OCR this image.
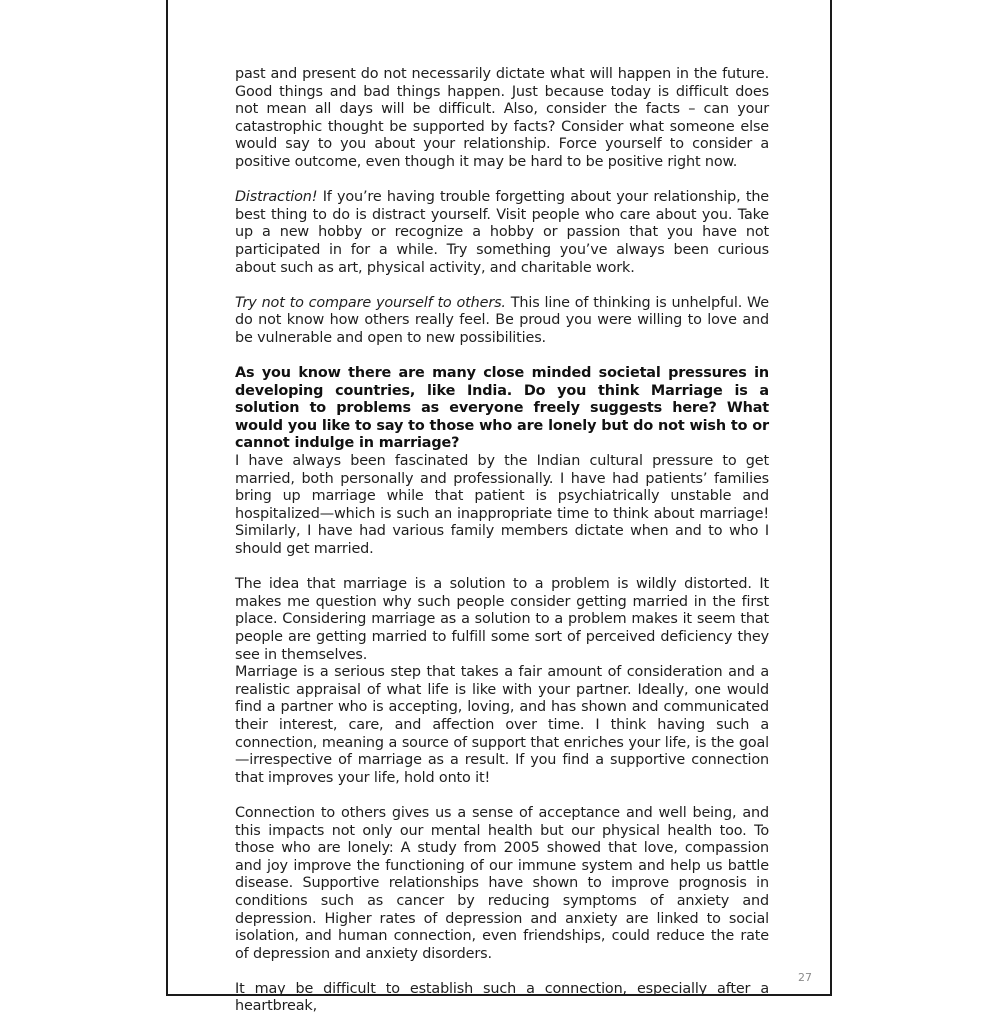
past and present do not necessarily dictate what will happen in the future. Good things and bad things happen. Just because today is difficult does not mean all days will be difficult. Also, consider the facts – can your catastrophic thought be supported by facts? Consider what someone else would say to you about your relationship. Force yourself to consider a positive outcome, even though it may be hard to be positive right now.

Distraction! If you’re having trouble forgetting about your relationship, the best thing to do is distract yourself. Visit people who care about you. Take up a new hobby or recognize a hobby or passion that you have not participated in for a while. Try something you’ve always been curious about such as art, physical activity, and charitable work.

Try not to compare yourself to others. This line of thinking is unhelpful. We do not know how others really feel. Be proud you were willing to love and be vulnerable and open to new possibilities.

As you know there are many close minded societal pressures in developing countries, like India. Do you think Marriage is a solution to problems as everyone freely suggests here? What would you like to say to those who are lonely but do not wish to or cannot indulge in marriage?

I have always been fascinated by the Indian cultural pressure to get married, both personally and professionally. I have had patients’ families bring up marriage while that patient is psychiatrically unstable and hospitalized—which is such an inappropriate time to think about marriage! Similarly, I have had various family members dictate when and to who I should get married.

The idea that marriage is a solution to a problem is wildly distorted. It makes me question why such people consider getting married in the first place. Considering marriage as a solution to a problem makes it seem that people are getting married to fulfill some sort of perceived deficiency they see in themselves.

Marriage is a serious step that takes a fair amount of consideration and a realistic appraisal of what life is like with your partner. Ideally, one would find a partner who is accepting, loving, and has shown and communicated their interest, care, and affection over time. I think having such a connection, meaning a source of support that enriches your life, is the goal—irrespective of marriage as a result. If you find a supportive connection that improves your life, hold onto it!

Connection to others gives us a sense of acceptance and well being, and this impacts not only our mental health but our physical health too. To those who are lonely: A study from 2005 showed that love, compassion and joy improve the functioning of our immune system and help us battle disease. Supportive relationships have shown to improve prognosis in conditions such as cancer by reducing symptoms of anxiety and depression. Higher rates of depression and anxiety are linked to social isolation, and human connection, even friendships, could reduce the rate of depression and anxiety disorders.

It may be difficult to establish such a connection, especially after a heartbreak,

27
